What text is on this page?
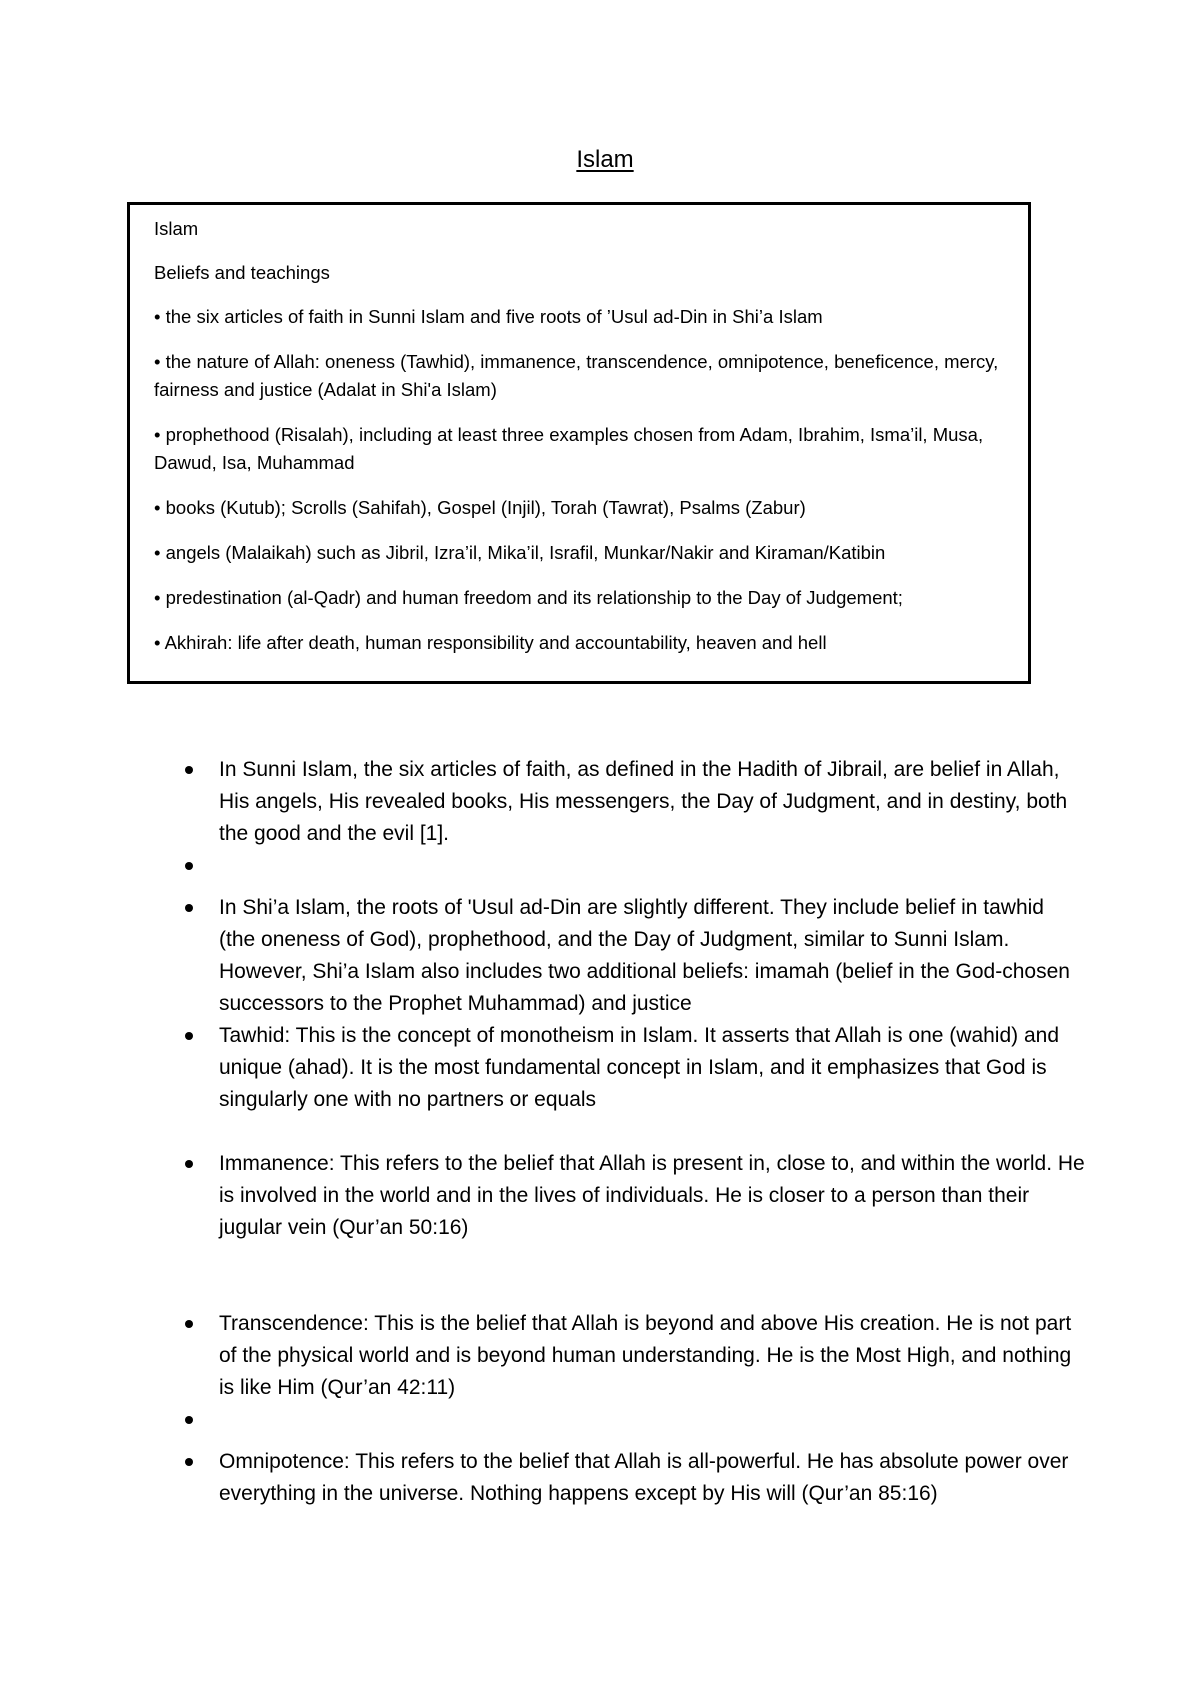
Islam

Islam

Beliefs and teachings

• the six articles of faith in Sunni Islam and five roots of ’Usul ad-Din in Shi’a Islam

• the nature of Allah: oneness (Tawhid), immanence, transcendence, omnipotence, beneficence, mercy, fairness and justice (Adalat in Shi'a Islam)

• prophethood (Risalah), including at least three examples chosen from Adam, Ibrahim, Isma’il, Musa, Dawud, Isa, Muhammad

• books (Kutub); Scrolls (Sahifah), Gospel (Injil), Torah (Tawrat), Psalms (Zabur)

• angels (Malaikah) such as Jibril, Izra’il, Mika’il, Israfil, Munkar/Nakir and Kiraman/Katibin

• predestination (al-Qadr) and human freedom and its relationship to the Day of Judgement;

• Akhirah: life after death, human responsibility and accountability, heaven and hell

In Sunni Islam, the six articles of faith, as defined in the Hadith of Jibrail, are belief in Allah, His angels, His revealed books, His messengers, the Day of Judgment, and in destiny, both the good and the evil [1].
In Shi’a Islam, the roots of 'Usul ad-Din are slightly different. They include belief in tawhid (the oneness of God), prophethood, and the Day of Judgment, similar to Sunni Islam. However, Shi’a Islam also includes two additional beliefs: imamah (belief in the God-chosen successors to the Prophet Muhammad) and justice
Tawhid: This is the concept of monotheism in Islam. It asserts that Allah is one (wahid) and unique (ahad). It is the most fundamental concept in Islam, and it emphasizes that God is singularly one with no partners or equals
Immanence: This refers to the belief that Allah is present in, close to, and within the world. He is involved in the world and in the lives of individuals. He is closer to a person than their jugular vein (Qur’an 50:16)
Transcendence: This is the belief that Allah is beyond and above His creation. He is not part of the physical world and is beyond human understanding. He is the Most High, and nothing is like Him (Qur’an 42:11)
Omnipotence: This refers to the belief that Allah is all-powerful. He has absolute power over everything in the universe. Nothing happens except by His will (Qur’an 85:16)
